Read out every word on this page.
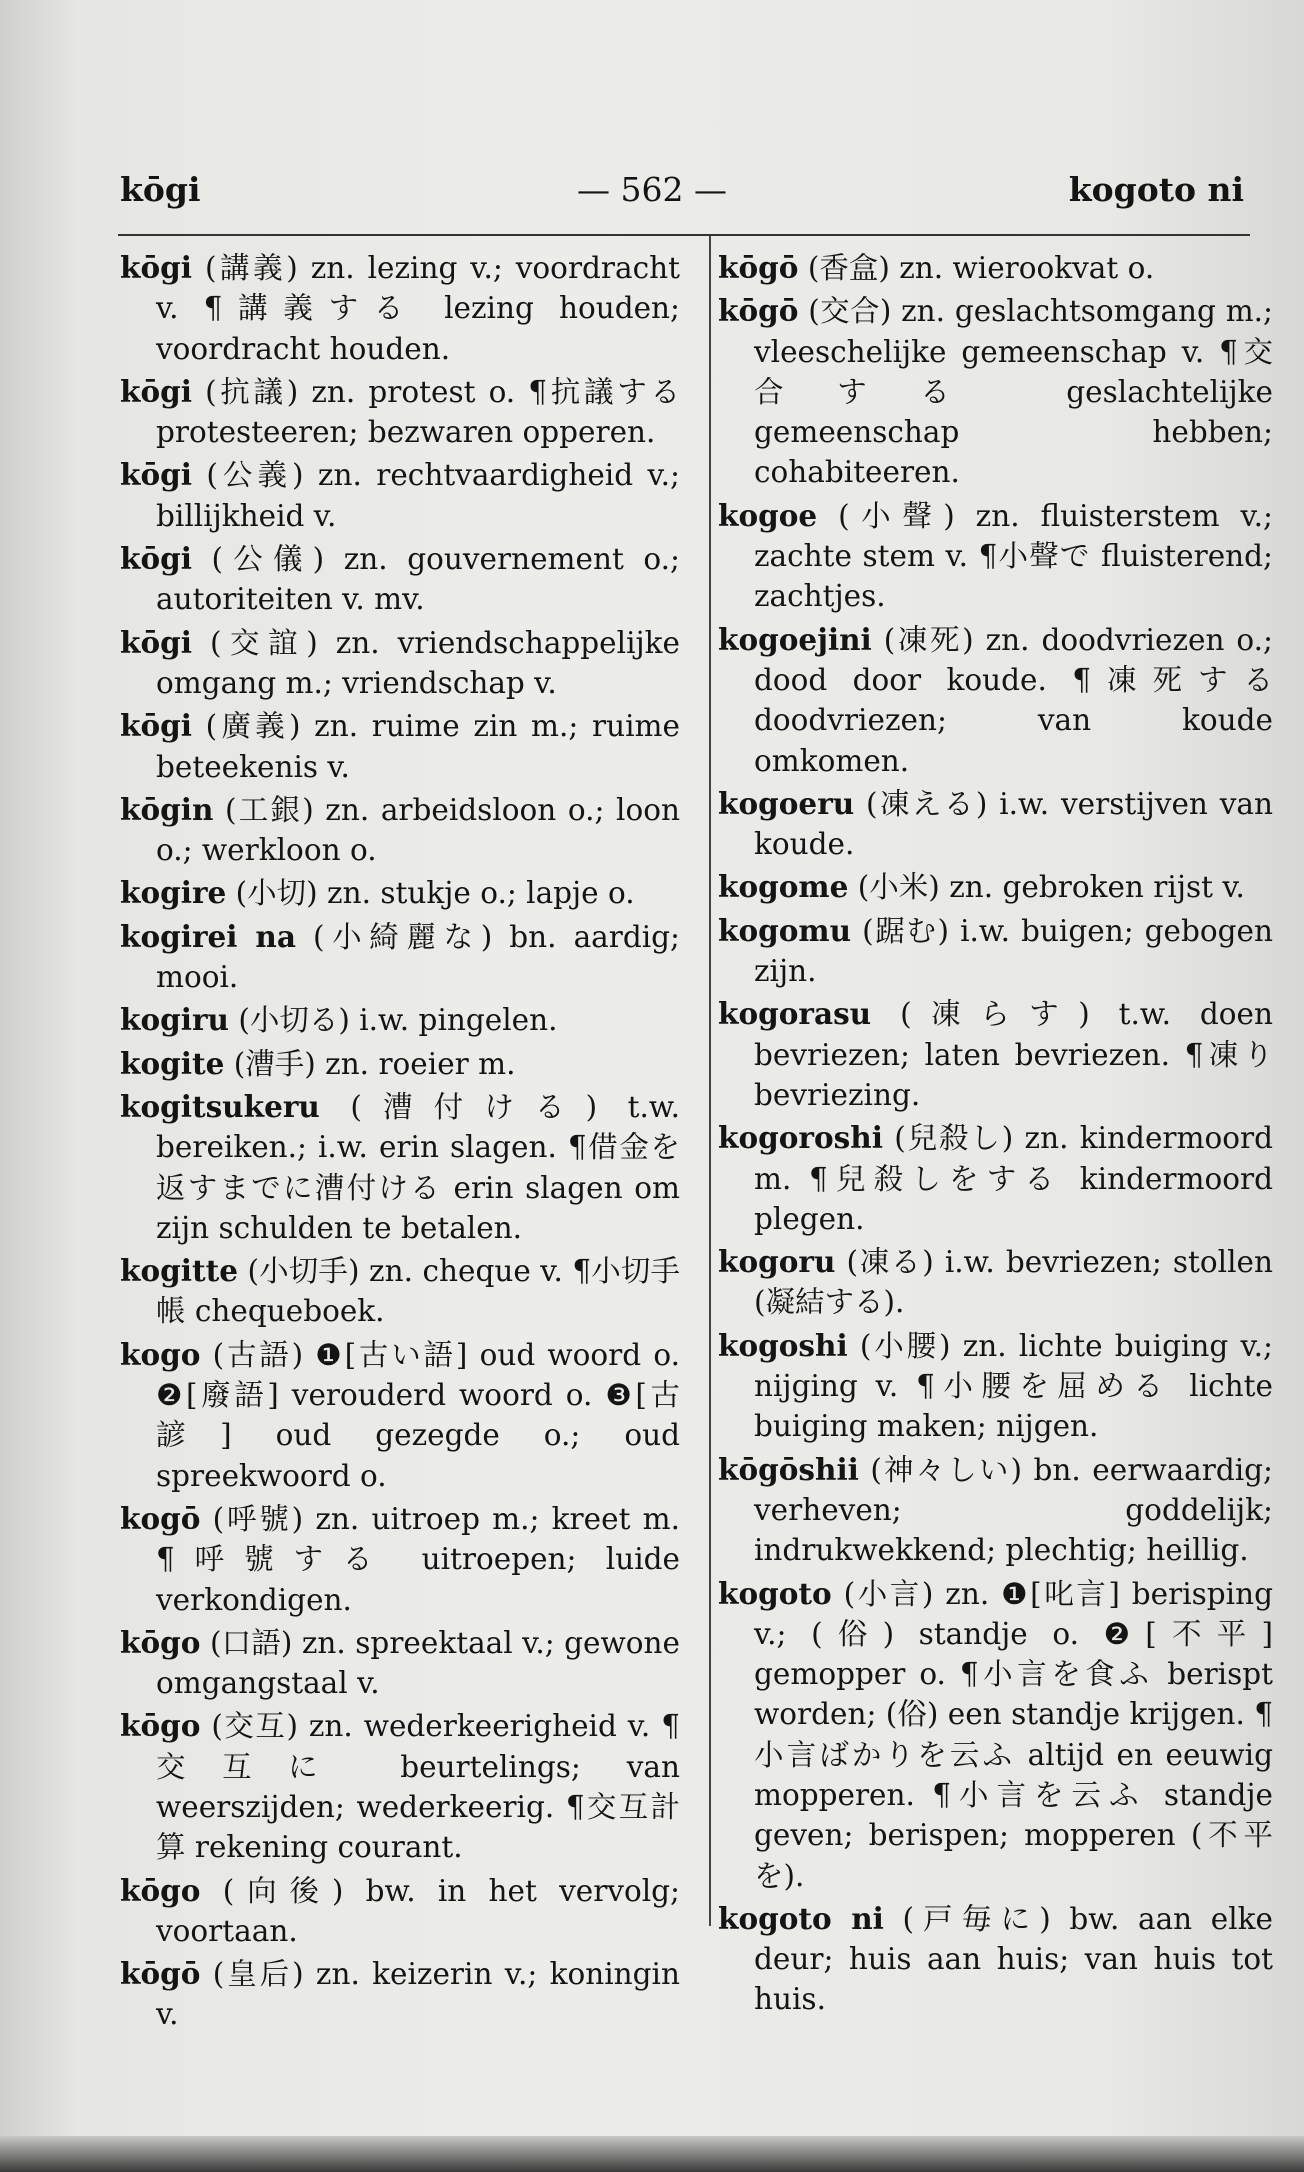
kōgi	— 562 —	kogoto ni

kōgi (講義) zn. lezing v.; voordracht v. ¶講義する lezing houden; voordracht houden.

kōgi (抗議) zn. protest o. ¶抗議する protesteeren; bezwaren opperen.

kōgi (公義) zn. rechtvaardigheid v.; billijkheid v.

kōgi (公儀) zn. gouvernement o.; autoriteiten v. mv.

kōgi (交誼) zn. vriendschappelijke omgang m.; vriendschap v.

kōgi (廣義) zn. ruime zin m.; ruime beteekenis v.

kōgin (工銀) zn. arbeidsloon o.; loon o.; werkloon o.

kogire (小切) zn. stukje o.; lapje o.

kogirei na (小綺麗な) bn. aardig; mooi.

kogiru (小切る) i.w. pingelen.

kogite (漕手) zn. roeier m.

kogitsukeru (漕付ける) t.w. bereiken.; i.w. erin slagen. ¶借金を返すまでに漕付ける erin slagen om zijn schulden te betalen.

kogitte (小切手) zn. cheque v. ¶小切手帳 chequeboek.

kogo (古語) ❶[古い語] oud woord o. ❷[廢語] verouderd woord o. ❸[古諺] oud gezegde o.; oud spreekwoord o.

kogō (呼號) zn. uitroep m.; kreet m. ¶呼號する uitroepen; luide verkondigen.

kōgo (口語) zn. spreektaal v.; gewone omgangstaal v.

kōgo (交互) zn. wederkeerigheid v. ¶交互に beurtelings; van weerszijden; wederkeerig. ¶交互計算 rekening courant.

kōgo (向後) bw. in het vervolg; voortaan.

kōgō (皇后) zn. keizerin v.; koningin v.

kōgō (香盒) zn. wierookvat o.

kōgō (交合) zn. geslachtsomgang m.; vleeschelijke gemeenschap v. ¶交合する geslachtelijke gemeenschap hebben; cohabiteeren.

kogoe (小聲) zn. fluisterstem v.; zachte stem v. ¶小聲で fluisterend; zachtjes.

kogoejini (凍死) zn. doodvriezen o.; dood door koude. ¶凍死する doodvriezen; van koude omkomen.

kogoeru (凍える) i.w. verstijven van koude.

kogome (小米) zn. gebroken rijst v.

kogomu (踞む) i.w. buigen; gebogen zijn.

kogorasu (凍らす) t.w. doen bevriezen; laten bevriezen. ¶凍り bevriezing.

kogoroshi (兒殺し) zn. kindermoord m. ¶兒殺しをする kindermoord plegen.

kogoru (凍る) i.w. bevriezen; stollen (凝結する).

kogoshi (小腰) zn. lichte buiging v.; nijging v. ¶小腰を屈める lichte buiging maken; nijgen.

kōgōshii (神々しい) bn. eerwaardig; verheven; goddelijk; indrukwekkend; plechtig; heillig.

kogoto (小言) zn. ❶[叱言] berisping v.; (俗) standje o. ❷[不平] gemopper o. ¶小言を食ふ berispt worden; (俗) een standje krijgen. ¶小言ばかりを云ふ altijd en eeuwig mopperen. ¶小言を云ふ standje geven; berispen; mopperen (不平を).

kogoto ni (戸毎に) bw. aan elke deur; huis aan huis; van huis tot huis.
